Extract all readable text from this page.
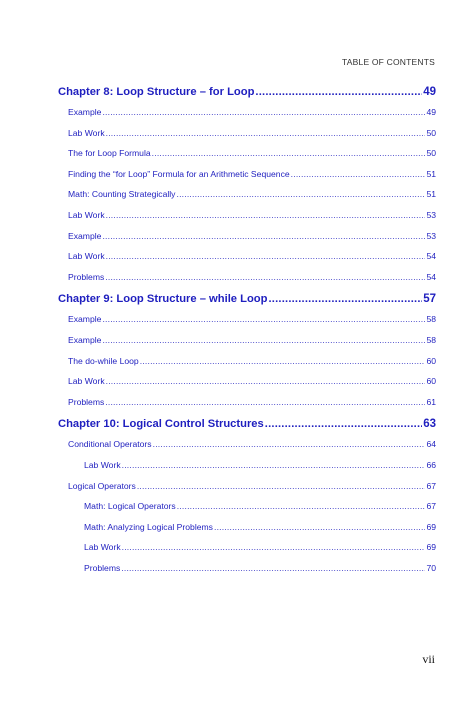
TABLE OF CONTENTS
Chapter 8: Loop Structure – for Loop .....	49
Example .....	49
Lab Work .....	50
The for Loop Formula .....	50
Finding the “for Loop” Formula for an Arithmetic Sequence .....	51
Math: Counting Strategically .....	51
Lab Work .....	53
Example .....	53
Lab Work .....	54
Problems .....	54
Chapter 9: Loop Structure – while Loop .....	57
Example .....	58
Example .....	58
The do-while Loop .....	60
Lab Work .....	60
Problems .....	61
Chapter 10: Logical Control Structures .....	63
Conditional Operators .....	64
Lab Work .....	66
Logical Operators .....	67
Math: Logical Operators .....	67
Math: Analyzing Logical Problems .....	69
Lab Work .....	69
Problems .....	70
vii
